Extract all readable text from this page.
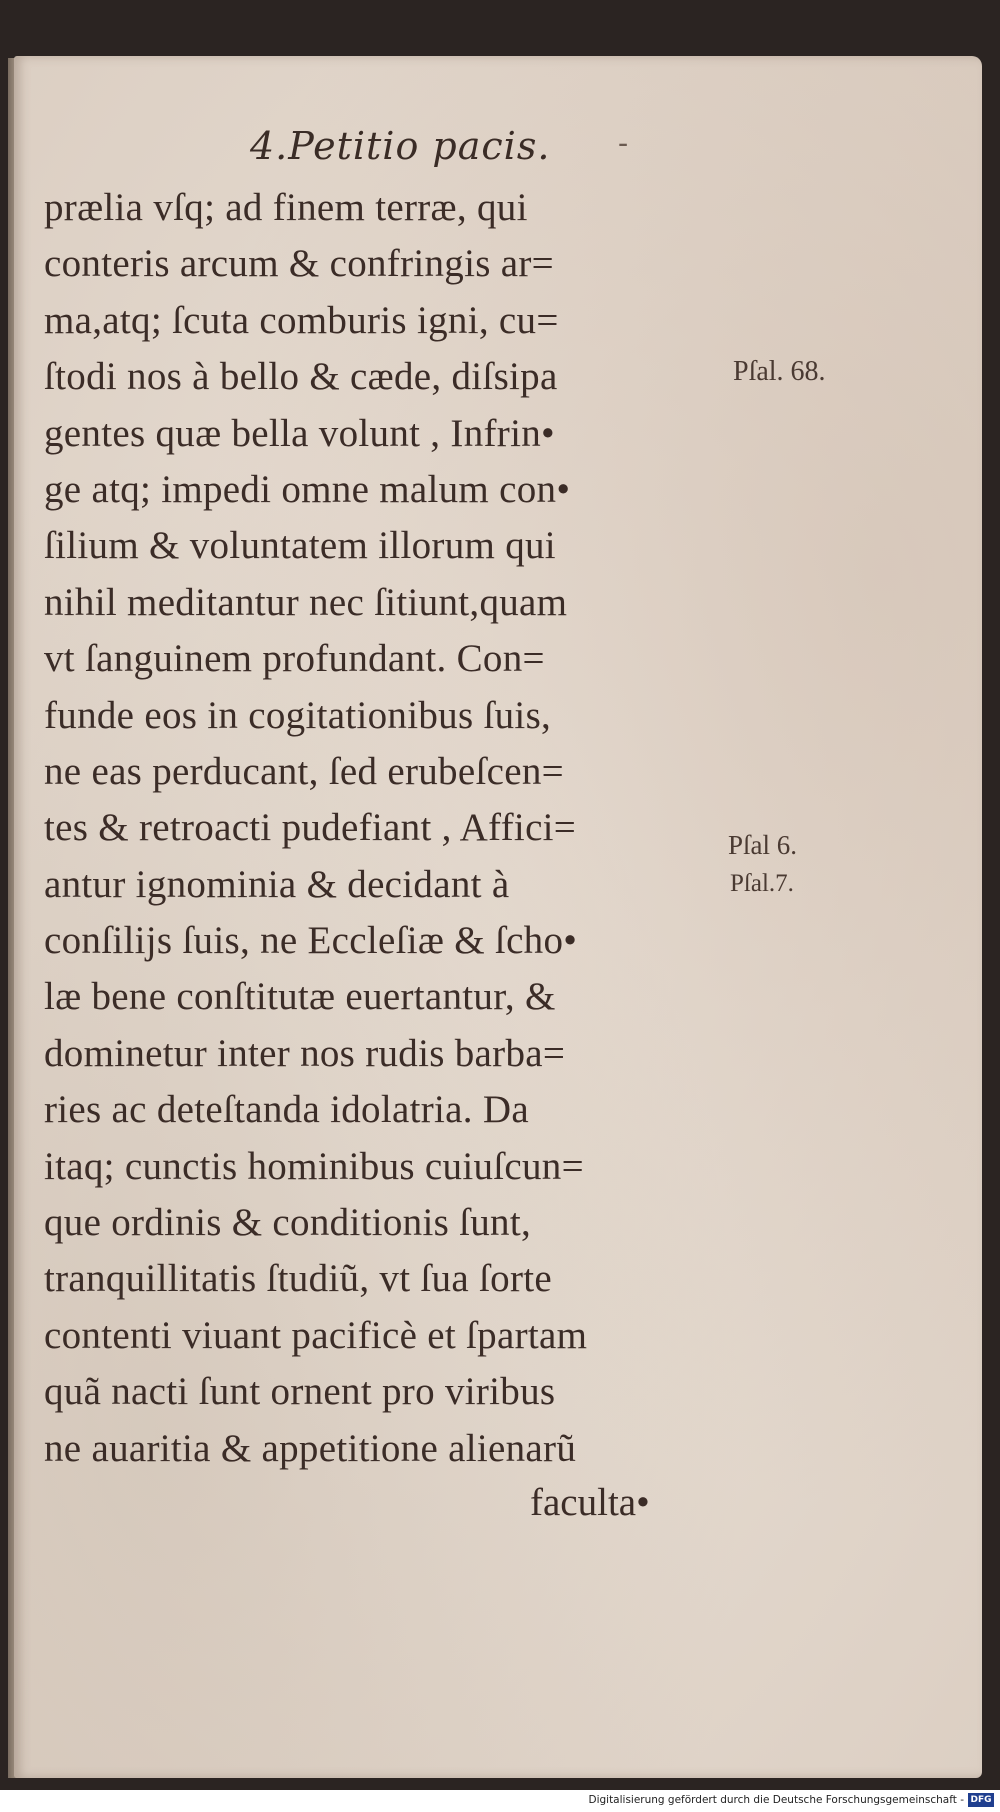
4.Petitio pacis. -
prælia vſq; ad finem terræ, qui
conteris arcum & confringis ar=
ma,atq; ſcuta comburis igni, cu=
ſtodi nos à bello & cæde, diſsipa
gentes quæ bella volunt , Infrin•
ge atq; impedi omne malum con•
ſilium & voluntatem illorum qui
nihil meditantur nec ſitiunt,quam
vt ſanguinem profundant. Con=
funde eos in cogitationibus ſuis,
ne eas perducant, ſed erubeſcen=
tes & retroacti pudefiant , Affici=
antur ignominia & decidant à
conſilijs ſuis, ne Eccleſiæ & ſcho•
læ bene conſtitutæ euertantur, &
dominetur inter nos rudis barba=
ries ac deteſtanda idolatria. Da
itaq; cunctis hominibus cuiuſcun=
que ordinis & conditionis ſunt,
tranquillitatis ſtudiũ, vt ſua ſorte
contenti viuant pacificè et ſpartam
quã nacti ſunt ornent pro viribus
ne auaritia & appetitione alienarũ
Pſal. 68.
Pſal 6.
Pſal.7.
faculta•
Digitalisierung gefördert durch die Deutsche Forschungsgemeinschaft - DFG
